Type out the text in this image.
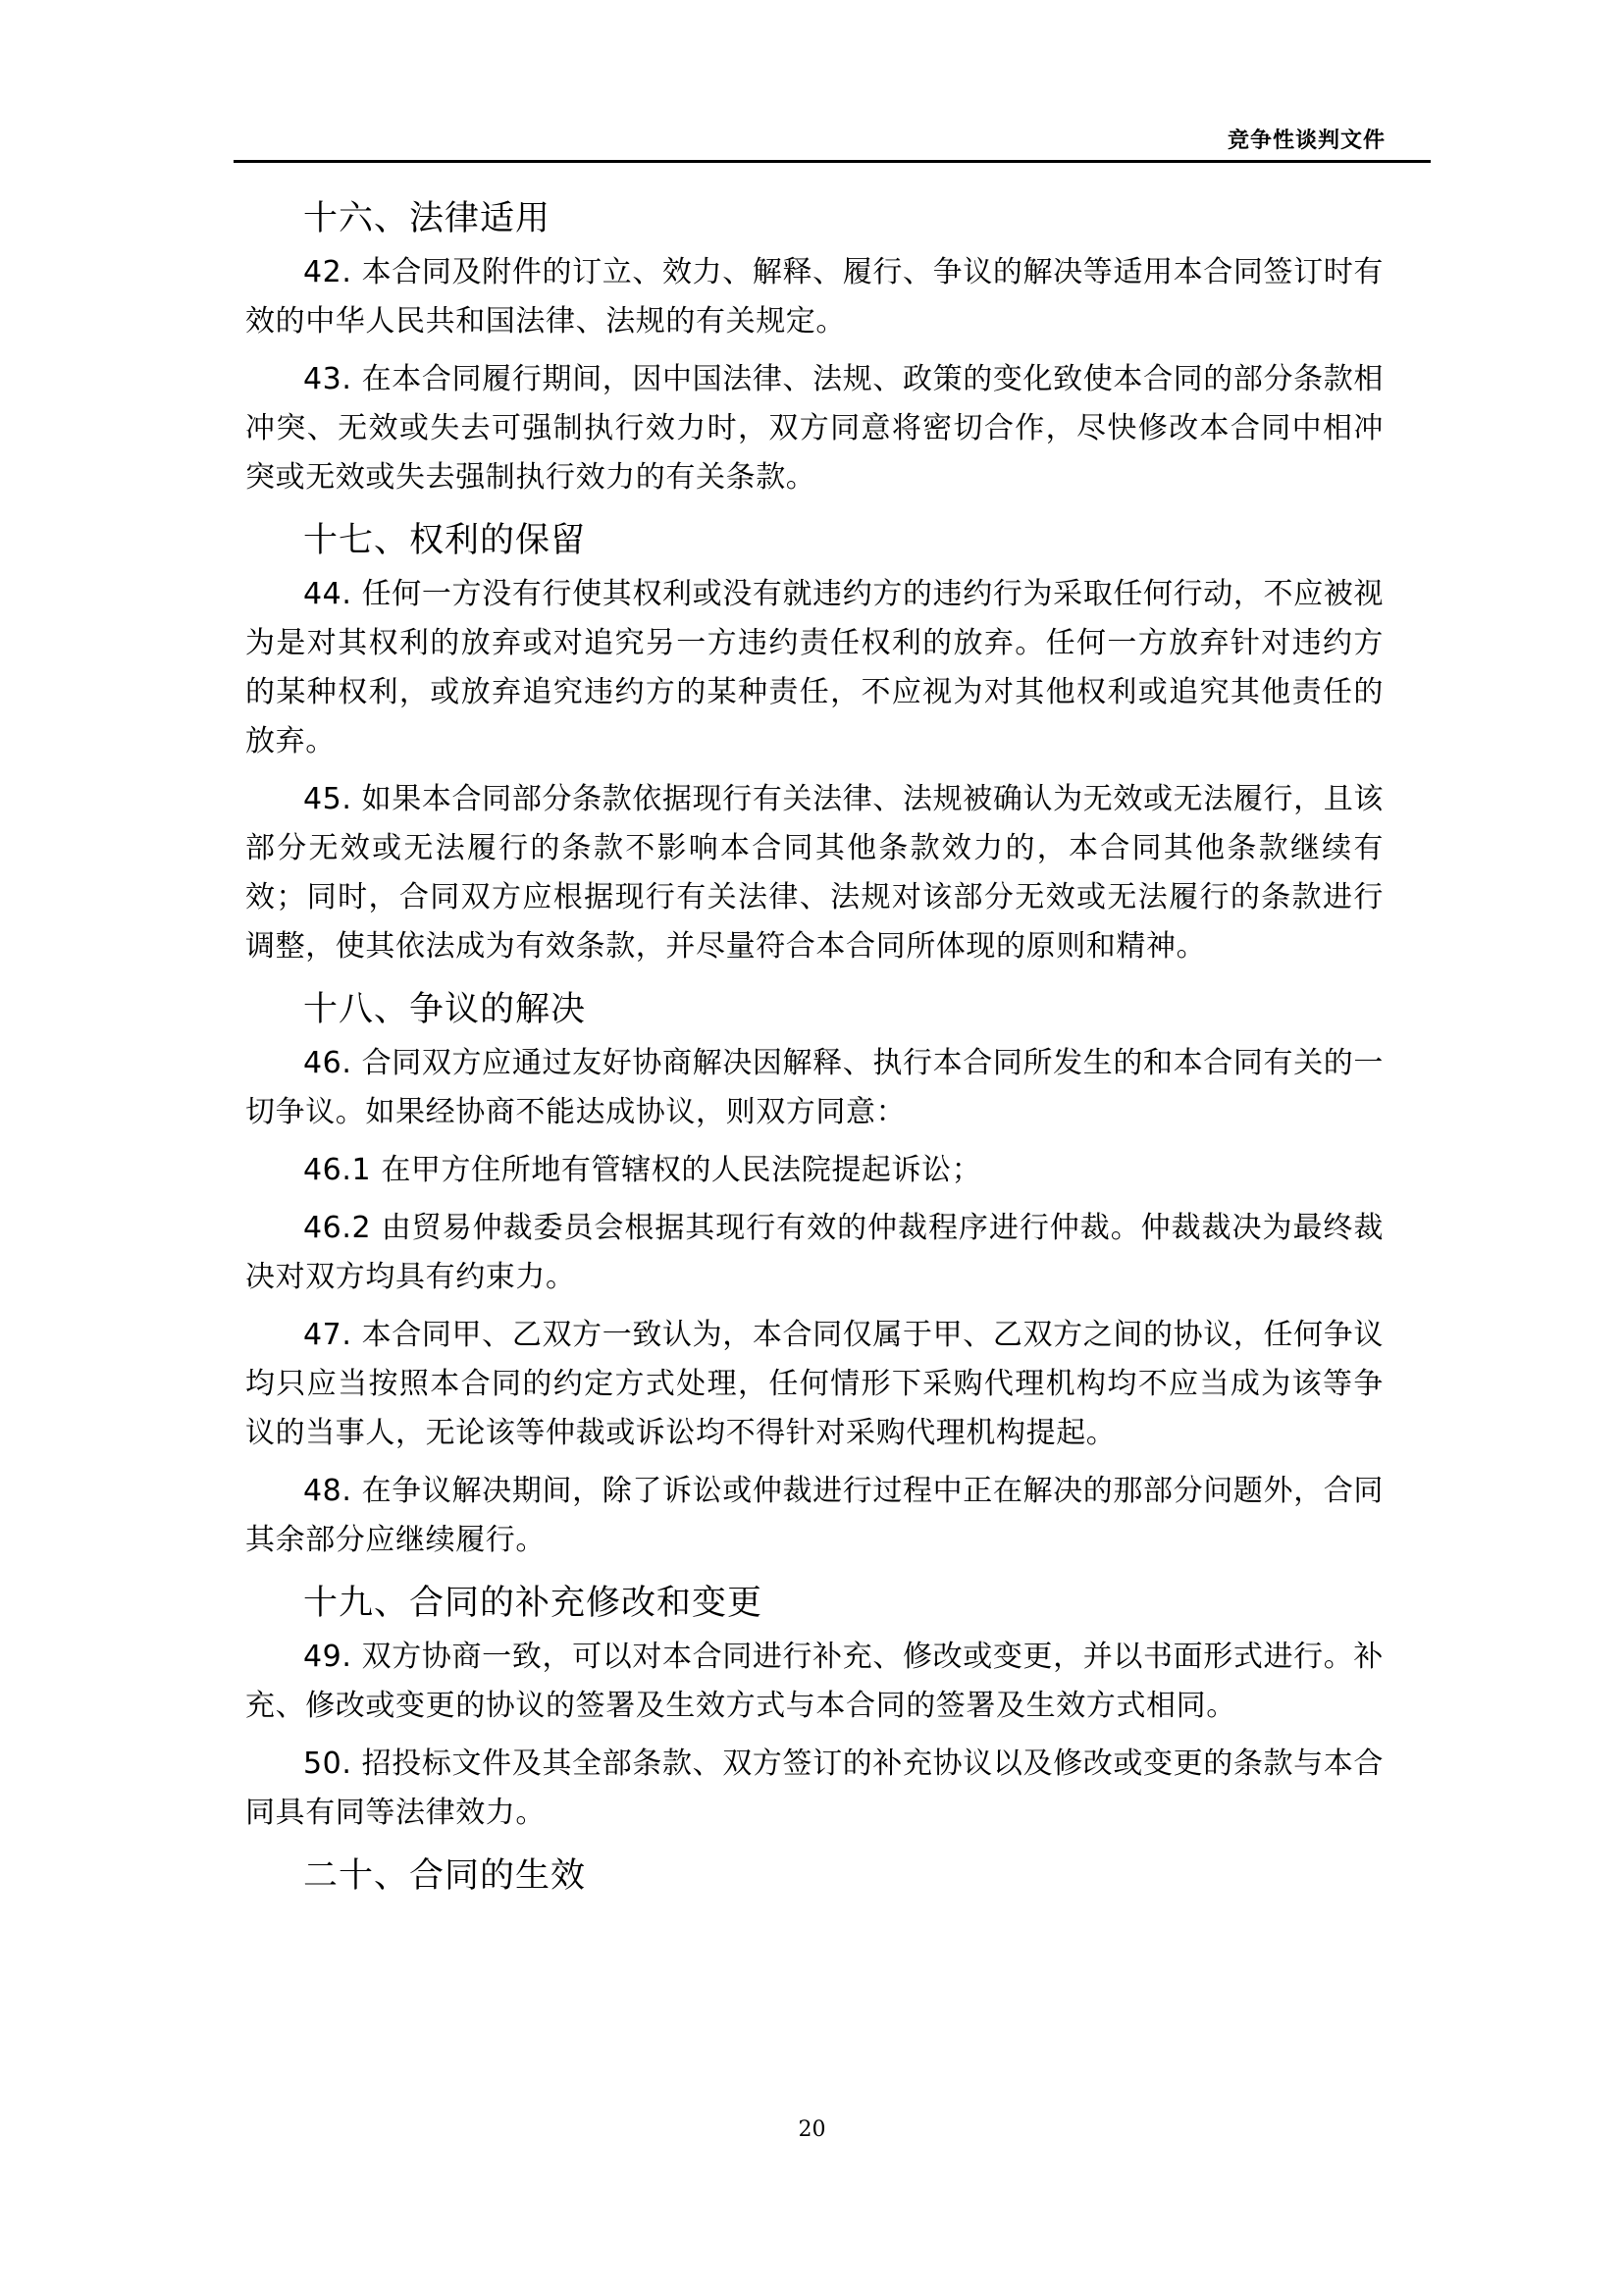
竞争性谈判文件
十六、法律适用

42. 本合同及附件的订立、效力、解释、履行、争议的解决等适用本合同签订时有效的中华人民共和国法律、法规的有关规定。

43. 在本合同履行期间，因中国法律、法规、政策的变化致使本合同的部分条款相冲突、无效或失去可强制执行效力时，双方同意将密切合作，尽快修改本合同中相冲突或无效或失去强制执行效力的有关条款。

十七、权利的保留

44. 任何一方没有行使其权利或没有就违约方的违约行为采取任何行动，不应被视为是对其权利的放弃或对追究另一方违约责任权利的放弃。任何一方放弃针对违约方的某种权利，或放弃追究违约方的某种责任，不应视为对其他权利或追究其他责任的放弃。

45. 如果本合同部分条款依据现行有关法律、法规被确认为无效或无法履行，且该部分无效或无法履行的条款不影响本合同其他条款效力的，本合同其他条款继续有效；同时，合同双方应根据现行有关法律、法规对该部分无效或无法履行的条款进行调整，使其依法成为有效条款，并尽量符合本合同所体现的原则和精神。

十八、争议的解决

46. 合同双方应通过友好协商解决因解释、执行本合同所发生的和本合同有关的一切争议。如果经协商不能达成协议，则双方同意：

46.1 在甲方住所地有管辖权的人民法院提起诉讼；

46.2 由贸易仲裁委员会根据其现行有效的仲裁程序进行仲裁。仲裁裁决为最终裁决对双方均具有约束力。

47. 本合同甲、乙双方一致认为，本合同仅属于甲、乙双方之间的协议，任何争议均只应当按照本合同的约定方式处理，任何情形下采购代理机构均不应当成为该等争议的当事人，无论该等仲裁或诉讼均不得针对采购代理机构提起。

48. 在争议解决期间，除了诉讼或仲裁进行过程中正在解决的那部分问题外，合同其余部分应继续履行。

十九、合同的补充修改和变更

49. 双方协商一致，可以对本合同进行补充、修改或变更，并以书面形式进行。补充、修改或变更的协议的签署及生效方式与本合同的签署及生效方式相同。

50. 招投标文件及其全部条款、双方签订的补充协议以及修改或变更的条款与本合同具有同等法律效力。

二十、合同的生效
20
